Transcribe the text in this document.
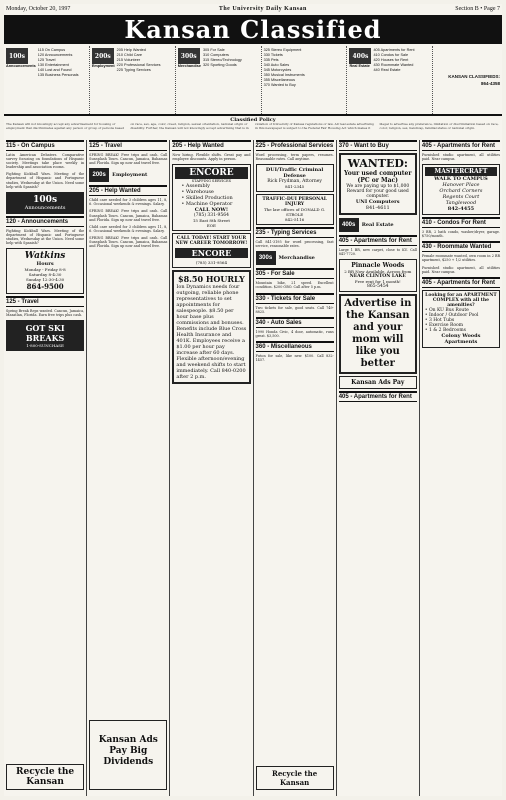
Monday, October 20, 1997	The University Daily Kansan	Section B • Page 7
Kansan Classified
100s
Announcements
115 On Campus
120 Announcements
125 Travel
130 Entertainment
140 Lost and Found
135 Business Personals
200s
Employment
205 Help Wanted
210 Child Care
215 Volunteer
220 Professional Services
225 Typing Services
300s
Merchandise
305 For Sale
310 Computers
315 Stereo/Technology
320 Sporting Goods
325 Stereo Equipment
330 Tickets
335 Pets
340 Auto Sales
345 Motorcycles
350 Musical Instruments
355 Miscellaneous
370 Wanted to Buy
400s
Real Estate
405 Apartments for Rent
410 Condos for Sale
420 Houses for Rent
430 Roommate Wanted
440 Real Estate
KANSAN CLASSIFIEDS:
864-4358
Classified Policy
The Kansan will not knowingly accept any advertisement for housing or employment that discriminates against any person or group of persons based on race, sex, age, color, creed, religion, sexual orientation, national origin or disability. Further, the Kansan will not knowingly accept advertising that is in violation of University of Kansas regulations or law. All real estate advertising in this newspaper is subject to the Federal Fair Housing Act which makes it illegal to advertise any preference, limitation or discrimination based on race, color, religion, sex, handicap, familial status or national origin.
115 - On Campus
Latin American Debaters. Comparative survey focusing on foundations of Hispanic society. Meetings take place weekly in leadership and association rooms.
Fighting Kickball Wars. Meeting of the department of Hispanic and Portuguese studies, Wednesday at the Union. Need some help with Spanish?
100s
Announcements
120 - Announcements
Fighting Kickball Wars. Meeting of the department of Hispanic and Portuguese studies, Wednesday at the Union. Need some help with Spanish?
Watkins
Hours
Monday - Friday 8-8
Saturday 8-4:30
Sunday 12:30-4:30
864-9500
125 - Travel
Spring Break Reps wanted. Cancun, Jamaica, Mazatlan, Florida. Earn free trips plus cash.
GOT SKI BREAKS
1-800-SUNCHASE
Recycle the Kansan
125 - Travel
SPRING BREAK! Free trips and cash. Call Sunsplash Tours. Cancun, Jamaica, Bahamas and Florida. Sign up now and travel free.
200s	Employment
205 - Help Wanted
Child care needed for 3 children ages 11, 8, 6. Occasional weekends & evenings. Salary.
SPRING BREAK! Free trips and cash. Call Sunsplash Tours. Cancun, Jamaica, Bahamas and Florida. Sign up now and travel free.
Child care needed for 3 children ages 11, 8, 6. Occasional weekends & evenings. Salary.
SPRING BREAK! Free trips and cash. Call Sunsplash Tours. Cancun, Jamaica, Bahamas and Florida. Sign up now and travel free.
Kansan Ads Pay Big Dividends
205 - Help Wanted
Now hiring. Flexible shifts. Great pay and employee discounts. Apply in person.
ENCORE
STAFFING SERVICES
• Assembly
• Warehouse
• Skilled Production
• Machine Operator
CALL NOW!
(785) 331-9564
15 East 8th Street
EOE
CALL TODAY! START YOUR NEW CAREER TOMORROW!
ENCORE
(785) 331-9564
$8.50 HOURLY
Ion Dynamics needs four outgoing, reliable phone representatives to set appointments for salespeople. $8.50 per hour base plus commissions and bonuses. Benefits include Blue Cross Health Insurance and 401K. Employees receive a $1.00 per hour pay increase after 60 days. Flexible afternoon/evening and weekend shifts to start immediately. Call 840-0200 after 2 p.m.
225 - Professional Services
Word processing, term papers, resumes. Reasonable rates. Call anytime.
DUI/Traffic Criminal Defense
Rick Frydman, Attorney
841-2345
TRAFFIC-DUI PERSONAL INJURY
The law offices of DONALD G. STROLE
842-5116
235 - Typing Services
Call 841-3195 for word processing, fast service, reasonable rates.
300s	Merchandise
305 - For Sale
Mountain bike, 21 speed. Excellent condition. $200 OBO. Call after 5 p.m.
330 - Tickets for Sale
Two tickets for sale, good seats. Call 749-8825.
340 - Auto Sales
1990 Honda Civic, 4 door, automatic, runs great. $3,500.
360 - Miscellaneous
Futon for sale, like new. $100. Call 832-1457.
Recycle the Kansan
370 - Want to Buy
WANTED:
Your used computer (PC or Mac)
We are paying up to $1,000 Reward for your good used computer.
UNI Computers
841-4611
400s	Real Estate
405 - Apartments for Rent
Large 1 BR, new carpet, close to KU. Call 841-7720.
Pinnacle Woods
2 BR Now Available. Across from
NEAR CLINTON LAKE
Free rent for 1 month!
865-5454
Advertise in the Kansan and your mom will like you better
Kansan Ads Pay
405 - Apartments for Rent
405 - Apartments for Rent
Furnished studio apartment, all utilities paid. Near campus.
MASTERCRAFT
WALK TO CAMPUS
Hanover Place
Orchard Corners
Regents Court
Tanglewood
842-4455
410 - Condos For Rent
3 BR, 2 bath condo, washer/dryer, garage. $750/month.
430 - Roommate Wanted
Female roommate wanted, own room in 2 BR apartment, $250 + 1/2 utilities.
Furnished studio apartment, all utilities paid. Near campus.
405 - Apartments for Rent
Looking for an APARTMENT COMPLEX with all the amenities?
• On KU Bus Route
• Indoor / Outdoor Pool
• 3 Hot Tubs
• Exercise Room
• 1 & 2 Bedrooms
Colony Woods Apartments
